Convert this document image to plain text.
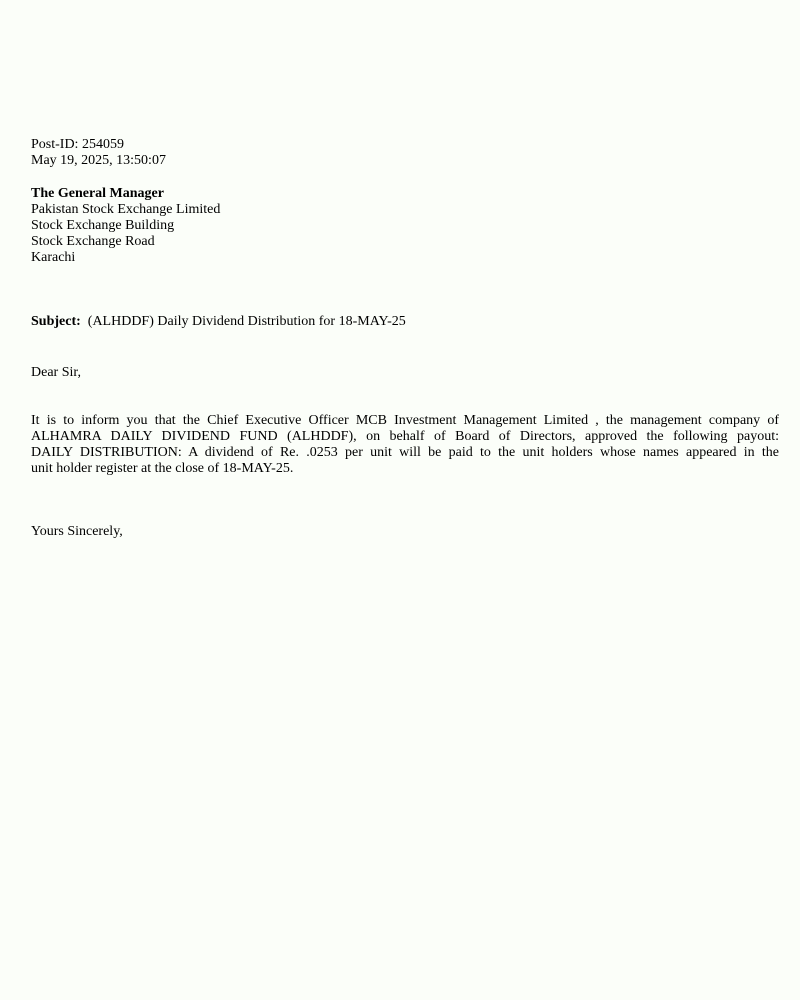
Post-ID: 254059
May 19, 2025, 13:50:07
The General Manager
Pakistan Stock Exchange Limited
Stock Exchange Building
Stock Exchange Road
Karachi
Subject: (ALHDDF) Daily Dividend Distribution for 18-MAY-25
Dear Sir,
It is to inform you that the Chief Executive Officer MCB Investment Management Limited , the management company of
ALHAMRA DAILY DIVIDEND FUND (ALHDDF), on behalf of Board of Directors, approved the following payout:
DAILY DISTRIBUTION: A dividend of Re. .0253 per unit will be paid to the unit holders whose names appeared in the
unit holder register at the close of 18-MAY-25.
Yours Sincerely,
